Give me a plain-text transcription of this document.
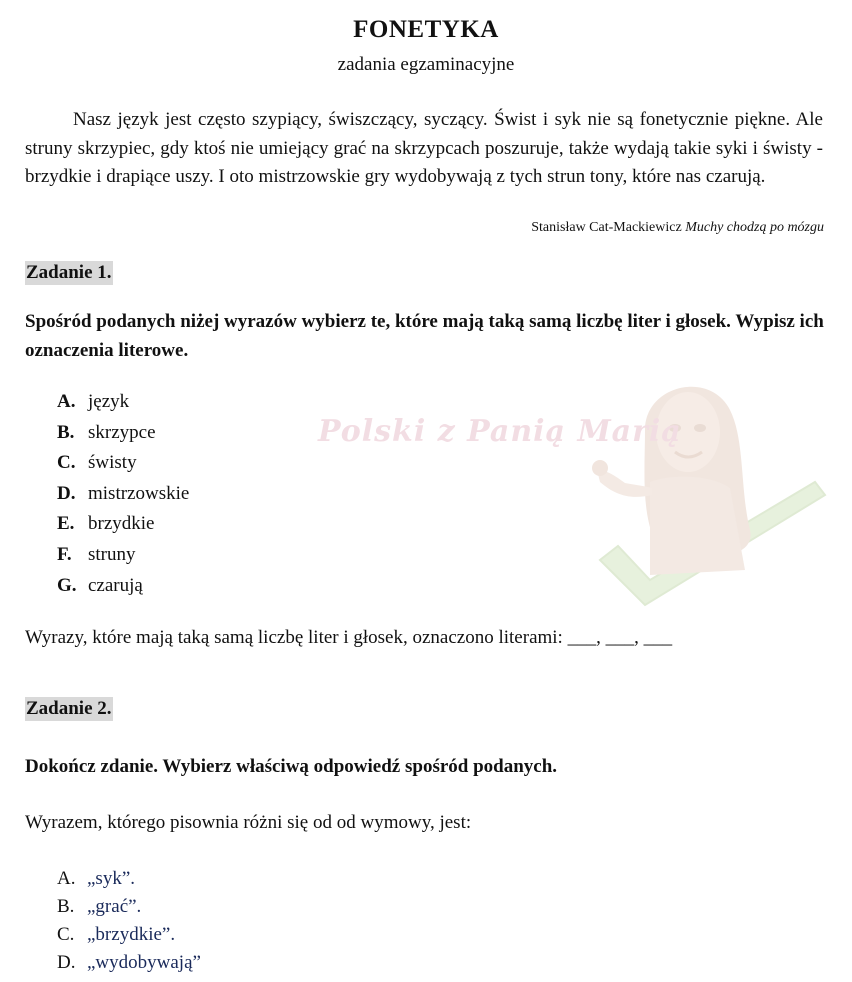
Polski z Panią Marią
FONETYKA
zadania egzaminacyjne

Nasz język jest często szypiący, świszczący, syczący. Świst i syk nie są fonetycznie piękne. Ale struny skrzypiec, gdy ktoś nie umiejący grać na skrzypcach poszuruje, także wydają takie syki i świsty - brzydkie i drapiące uszy. I oto mistrzowskie gry wydobywają z tych strun tony, które nas czarują.

Stanisław Cat-Mackiewicz Muchy chodzą po mózgu
Zadanie 1.

Spośród podanych niżej wyrazów wybierz te, które mają taką samą liczbę liter i głosek. Wypisz ich oznaczenia literowe.

A. język
B. skrzypce
C. świsty
D. mistrzowskie
E. brzydkie
F. struny
G. czarują

Wyrazy, które mają taką samą liczbę liter i głosek, oznaczono literami: ___, ___, ___

Zadanie 2.

Dokończ zdanie. Wybierz właściwą odpowiedź spośród podanych.

Wyrazem, którego pisownia różni się od od wymowy, jest:

A. „syk”.
B. „grać”.
C. „brzydkie”.
D. „wydobywają”
